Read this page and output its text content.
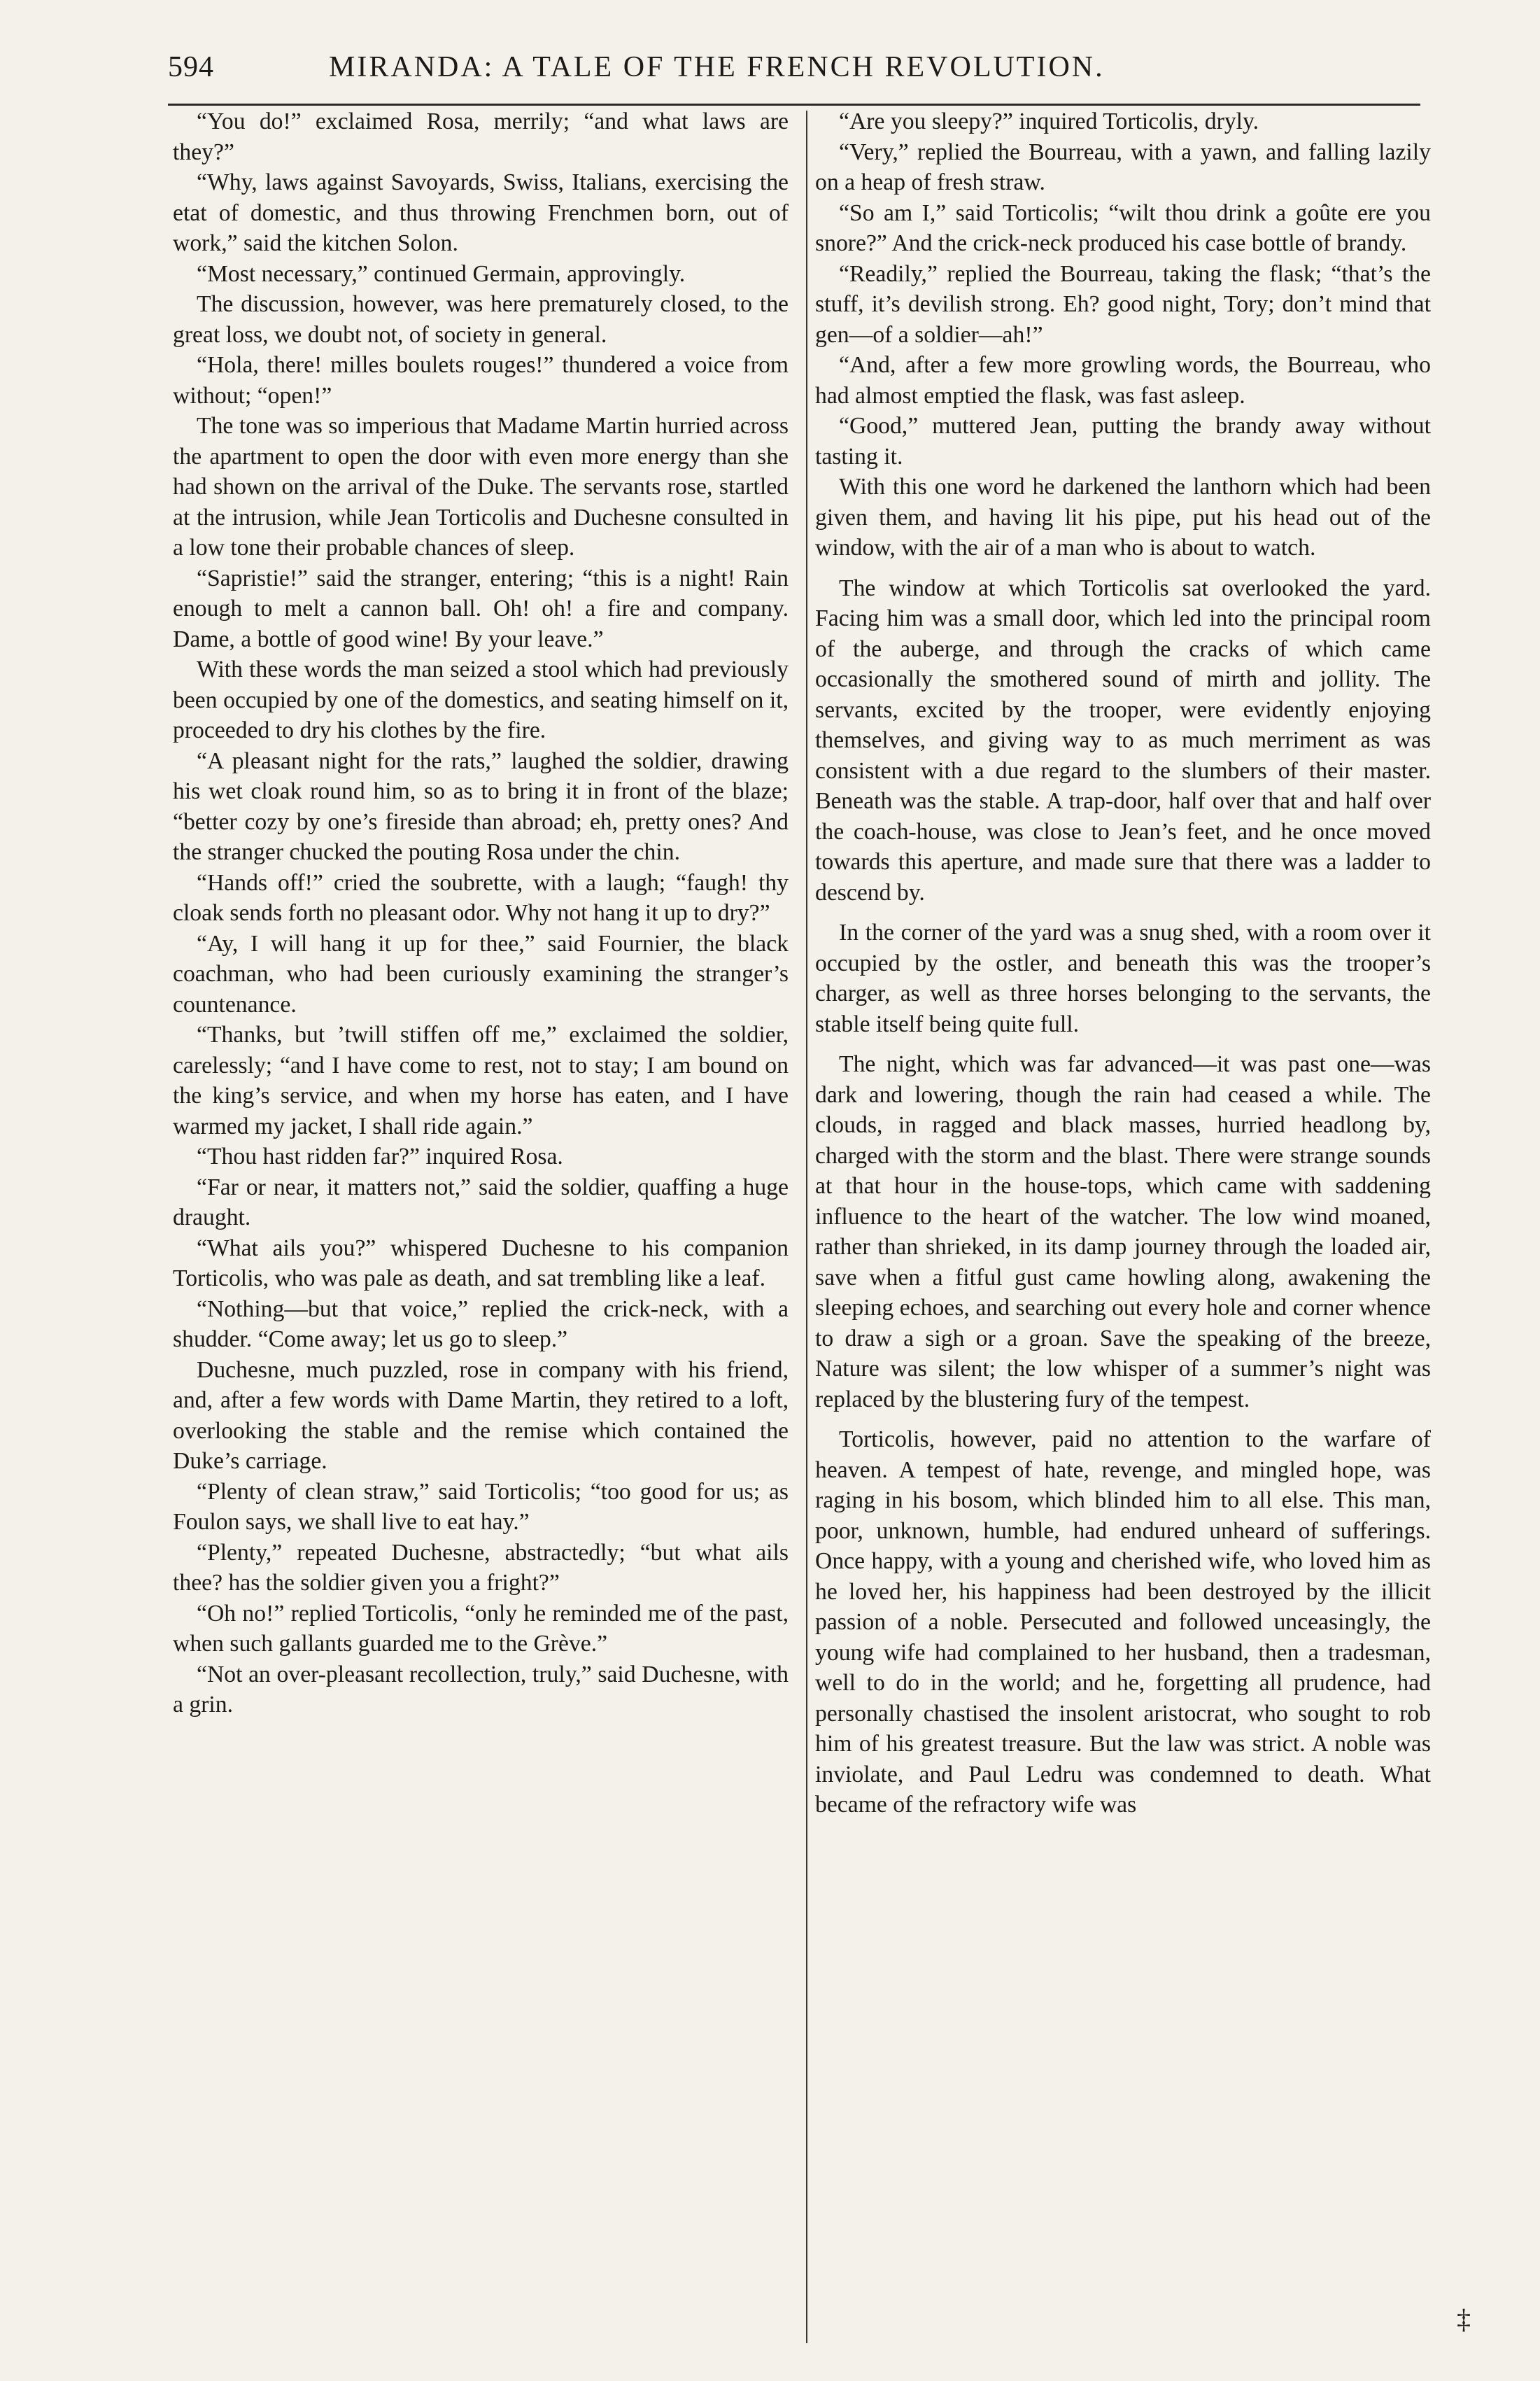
594	MIRANDA: A TALE OF THE FRENCH REVOLUTION.

“You do!” exclaimed Rosa, merrily; “and what laws are they?”

“Why, laws against Savoyards, Swiss, Italians, exercising the etat of domestic, and thus throwing Frenchmen born, out of work,” said the kitchen Solon.

“Most necessary,” continued Germain, approvingly.

The discussion, however, was here prematurely closed, to the great loss, we doubt not, of society in general.

“Hola, there! milles boulets rouges!” thundered a voice from without; “open!”

The tone was so imperious that Madame Martin hurried across the apartment to open the door with even more energy than she had shown on the arrival of the Duke. The servants rose, startled at the intrusion, while Jean Torticolis and Duchesne consulted in a low tone their probable chances of sleep.

“Sapristie!” said the stranger, entering; “this is a night! Rain enough to melt a cannon ball. Oh! oh! a fire and company. Dame, a bottle of good wine! By your leave.”

With these words the man seized a stool which had previously been occupied by one of the domestics, and seating himself on it, proceeded to dry his clothes by the fire.

“A pleasant night for the rats,” laughed the soldier, drawing his wet cloak round him, so as to bring it in front of the blaze; “better cozy by one’s fireside than abroad; eh, pretty ones? And the stranger chucked the pouting Rosa under the chin.

“Hands off!” cried the soubrette, with a laugh; “faugh! thy cloak sends forth no pleasant odor. Why not hang it up to dry?”

“Ay, I will hang it up for thee,” said Fournier, the black coachman, who had been curiously examining the stranger’s countenance.

“Thanks, but ’twill stiffen off me,” exclaimed the soldier, carelessly; “and I have come to rest, not to stay; I am bound on the king’s service, and when my horse has eaten, and I have warmed my jacket, I shall ride again.”

“Thou hast ridden far?” inquired Rosa.

“Far or near, it matters not,” said the soldier, quaffing a huge draught.

“What ails you?” whispered Duchesne to his companion Torticolis, who was pale as death, and sat trembling like a leaf.

“Nothing—but that voice,” replied the crick-neck, with a shudder. “Come away; let us go to sleep.”

Duchesne, much puzzled, rose in company with his friend, and, after a few words with Dame Martin, they retired to a loft, overlooking the stable and the remise which contained the Duke’s carriage.

“Plenty of clean straw,” said Torticolis; “too good for us; as Foulon says, we shall live to eat hay.”

“Plenty,” repeated Duchesne, abstractedly; “but what ails thee? has the soldier given you a fright?”

“Oh no!” replied Torticolis, “only he reminded me of the past, when such gallants guarded me to the Grève.”

“Not an over-pleasant recollection, truly,” said Duchesne, with a grin.

“Are you sleepy?” inquired Torticolis, dryly.

“Very,” replied the Bourreau, with a yawn, and falling lazily on a heap of fresh straw.

“So am I,” said Torticolis; “wilt thou drink a goûte ere you snore?” And the crick-neck produced his case bottle of brandy.

“Readily,” replied the Bourreau, taking the flask; “that’s the stuff, it’s devilish strong. Eh? good night, Tory; don’t mind that gen—of a soldier—ah!”

“And, after a few more growling words, the Bourreau, who had almost emptied the flask, was fast asleep.

“Good,” muttered Jean, putting the brandy away without tasting it.

With this one word he darkened the lanthorn which had been given them, and having lit his pipe, put his head out of the window, with the air of a man who is about to watch.

The window at which Torticolis sat overlooked the yard. Facing him was a small door, which led into the principal room of the auberge, and through the cracks of which came occasionally the smothered sound of mirth and jollity. The servants, excited by the trooper, were evidently enjoying themselves, and giving way to as much merriment as was consistent with a due regard to the slumbers of their master. Beneath was the stable. A trap-door, half over that and half over the coach-house, was close to Jean’s feet, and he once moved towards this aperture, and made sure that there was a ladder to descend by.

In the corner of the yard was a snug shed, with a room over it occupied by the ostler, and beneath this was the trooper’s charger, as well as three horses belonging to the servants, the stable itself being quite full.

The night, which was far advanced—it was past one—was dark and lowering, though the rain had ceased a while. The clouds, in ragged and black masses, hurried headlong by, charged with the storm and the blast. There were strange sounds at that hour in the house-tops, which came with saddening influence to the heart of the watcher. The low wind moaned, rather than shrieked, in its damp journey through the loaded air, save when a fitful gust came howling along, awakening the sleeping echoes, and searching out every hole and corner whence to draw a sigh or a groan. Save the speaking of the breeze, Nature was silent; the low whisper of a summer’s night was replaced by the blustering fury of the tempest.

Torticolis, however, paid no attention to the warfare of heaven. A tempest of hate, revenge, and mingled hope, was raging in his bosom, which blinded him to all else. This man, poor, unknown, humble, had endured unheard of sufferings. Once happy, with a young and cherished wife, who loved him as he loved her, his happiness had been destroyed by the illicit passion of a noble. Persecuted and followed unceasingly, the young wife had complained to her husband, then a tradesman, well to do in the world; and he, forgetting all prudence, had personally chastised the insolent aristocrat, who sought to rob him of his greatest treasure. But the law was strict. A noble was inviolate, and Paul Ledru was condemned to death. What became of the refractory wife was

‡
